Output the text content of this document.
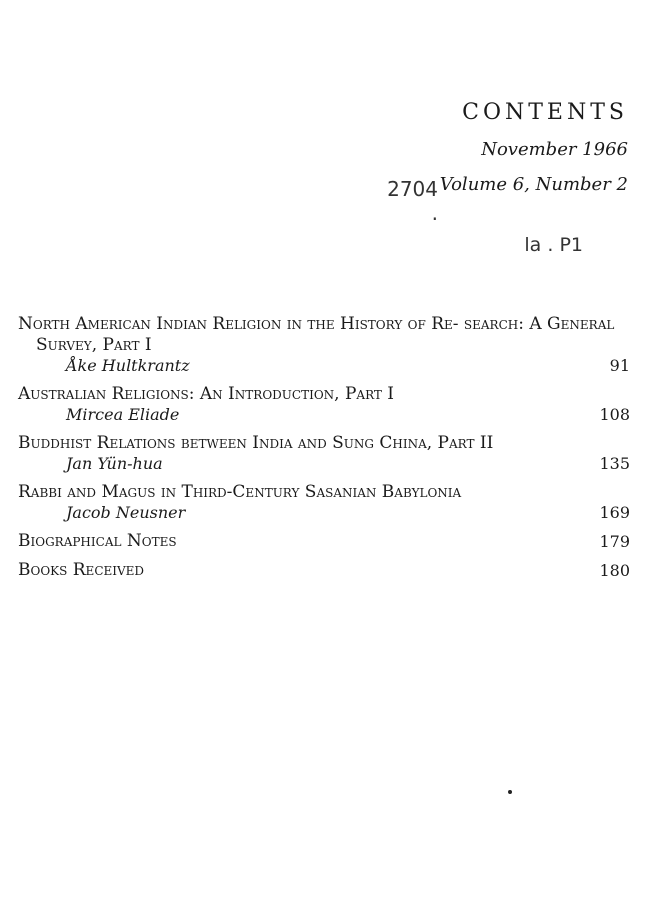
CONTENTS
2704 .
November 1966
Volume 6, Number 2
la . P1
North American Indian Religion in the History of Re- search: A General Survey, Part I
Åke Hultkrantz	91
Australian Religions: An Introduction, Part I
Mircea Eliade	108
Buddhist Relations between India and Sung China, Part II
Jan Yün-hua	135
Rabbi and Magus in Third-Century Sasanian Babylonia
Jacob Neusner	169
Biographical Notes	179
Books Received	180
